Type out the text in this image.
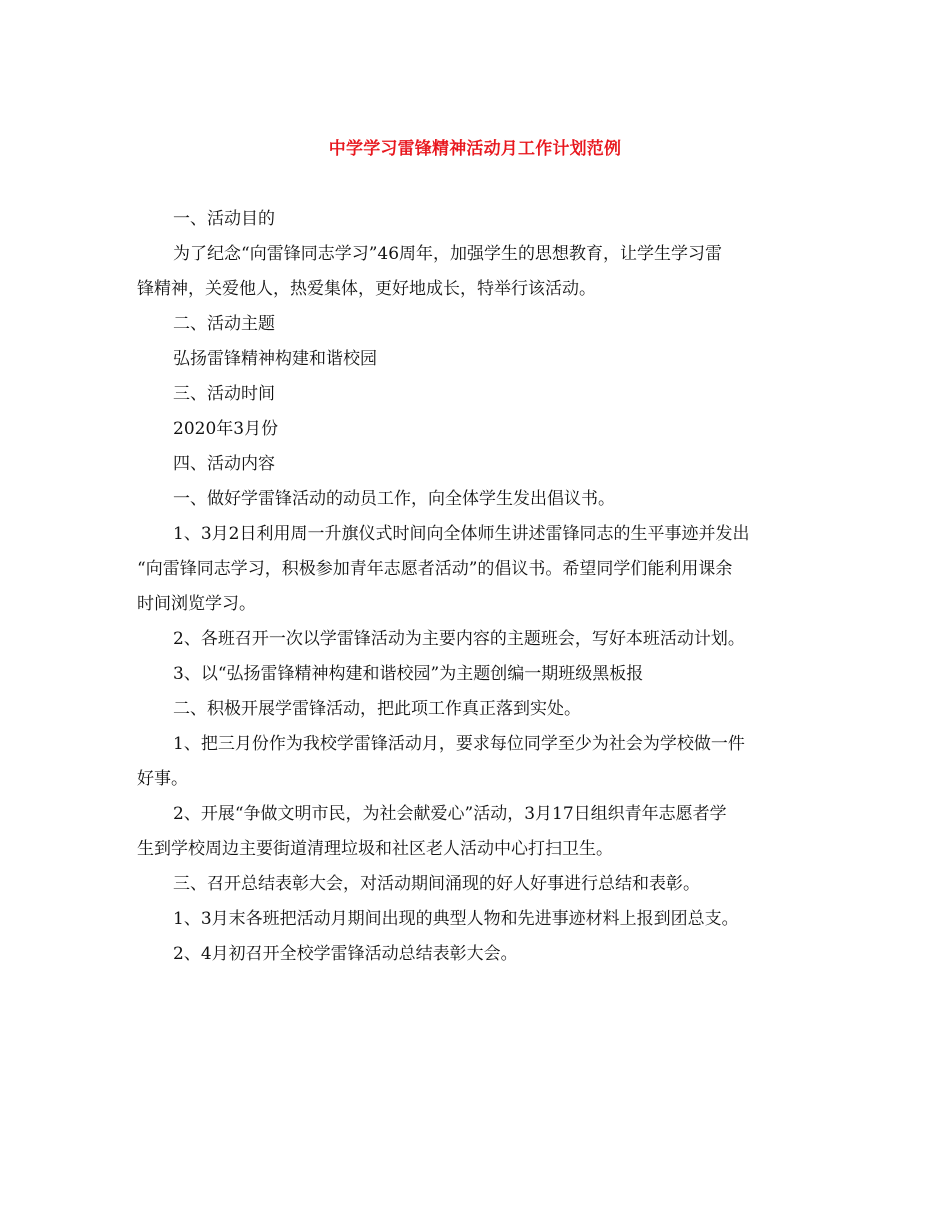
中学学习雷锋精神活动月工作计划范例

一、活动目的

为了纪念“向雷锋同志学习”46周年，加强学生的思想教育，让学生学习雷
锋精神，关爱他人，热爱集体，更好地成长，特举行该活动。

二、活动主题

弘扬雷锋精神构建和谐校园

三、活动时间

2020年3月份

四、活动内容

一、做好学雷锋活动的动员工作，向全体学生发出倡议书。

1、3月2日利用周一升旗仪式时间向全体师生讲述雷锋同志的生平事迹并发出
“向雷锋同志学习，积极参加青年志愿者活动”的倡议书。希望同学们能利用课余
时间浏览学习。

2、各班召开一次以学雷锋活动为主要内容的主题班会，写好本班活动计划。

3、以“弘扬雷锋精神构建和谐校园”为主题创编一期班级黑板报

二、积极开展学雷锋活动，把此项工作真正落到实处。

1、把三月份作为我校学雷锋活动月，要求每位同学至少为社会为学校做一件
好事。

2、开展“争做文明市民，为社会献爱心”活动，3月17日组织青年志愿者学
生到学校周边主要街道清理垃圾和社区老人活动中心打扫卫生。

三、召开总结表彰大会，对活动期间涌现的好人好事进行总结和表彰。

1、3月末各班把活动月期间出现的典型人物和先进事迹材料上报到团总支。

2、4月初召开全校学雷锋活动总结表彰大会。
